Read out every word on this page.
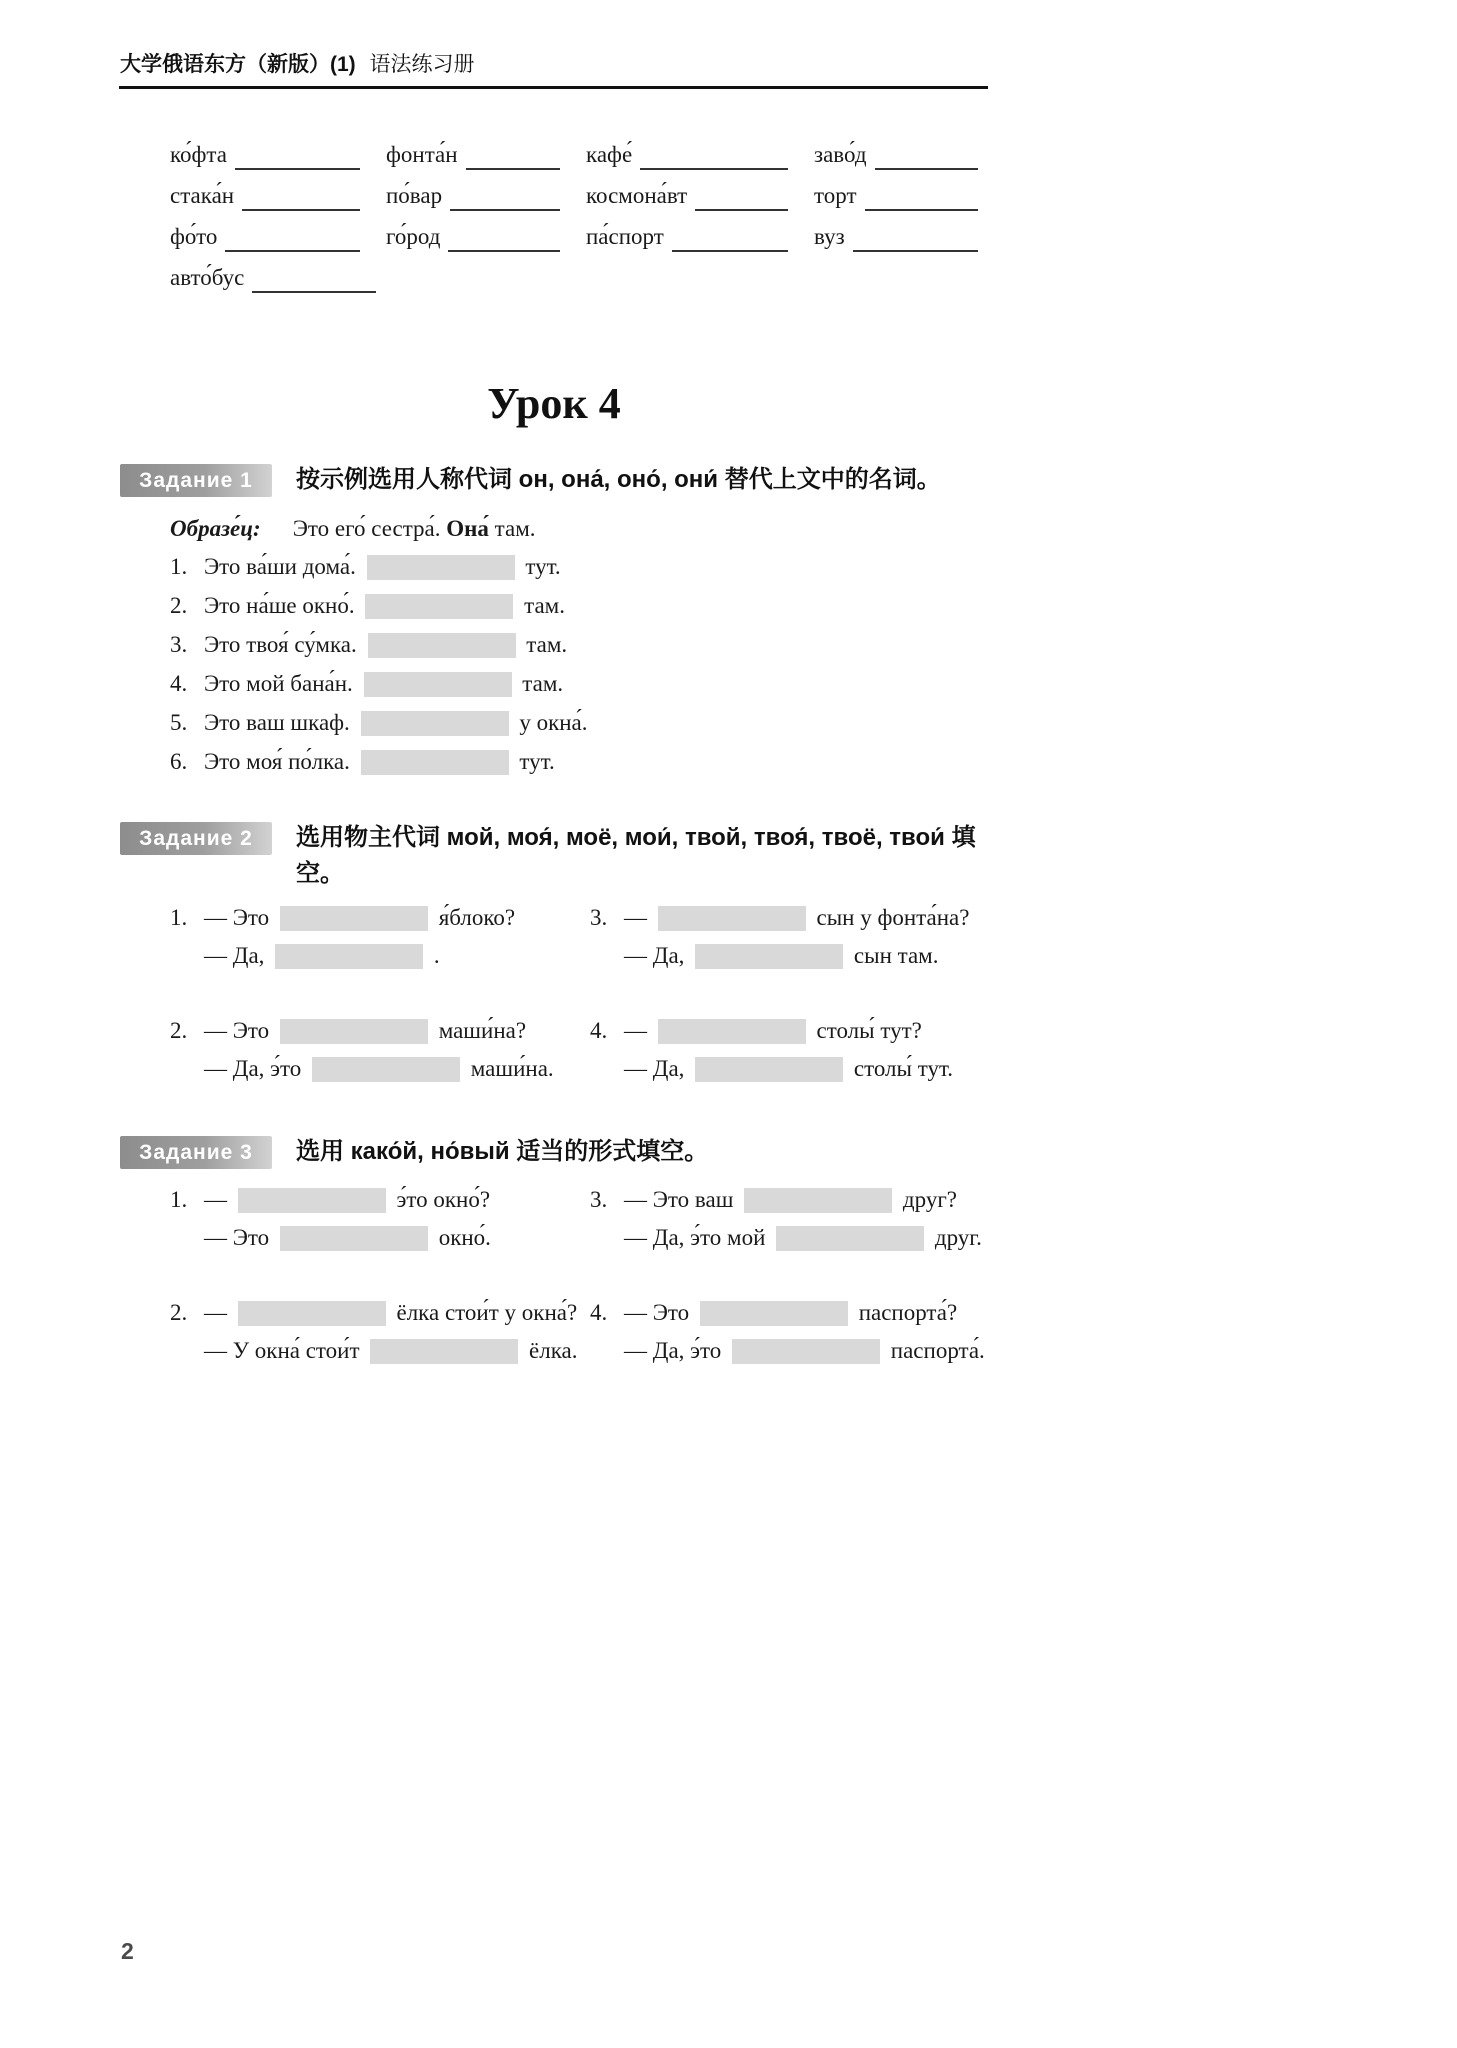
大学俄语东方（新版）(1) 语法练习册
ко́фта	фонта́н	кафе́	заво́д
стака́н	по́вар	космона́вт	торт
фо́то	го́род	па́спорт	вуз
авто́бус
Урок 4
Задание 1	按示例选用人称代词 он, она́, оно́, они́ 替代上文中的名词。
Образе́ц: Это его́ сестра́. Она́ там.
1. Это ва́ши дома́.	тут.
2. Это на́ше окно́.	там.
3. Это твоя́ су́мка.	там.
4. Это мой бана́н.	там.
5. Это ваш шкаф.	у окна́.
6. Это моя́ по́лка.	тут.
Задание 2	选用物主代词 мой, моя́, моё, мои́, твой, твоя́, твоё, твои́ 填空。
1. — Это	я́блоко?
— Да,	.
2. — Это	маши́на?
— Да, э́то	маши́на.
3. —	сын у фонта́на?
— Да,	сын там.
4. —	столы́ тут?
— Да,	столы́ тут.
Задание 3	选用 како́й, но́вый 适当的形式填空。
1. —	э́то окно́?
— Это	окно́.
2. —	ёлка стои́т у окна́?
— У окна́ стои́т	ёлка.
3. — Это ваш	друг?
— Да, э́то мой	друг.
4. — Это	паспорта́?
— Да, э́то	паспорта́.
2
